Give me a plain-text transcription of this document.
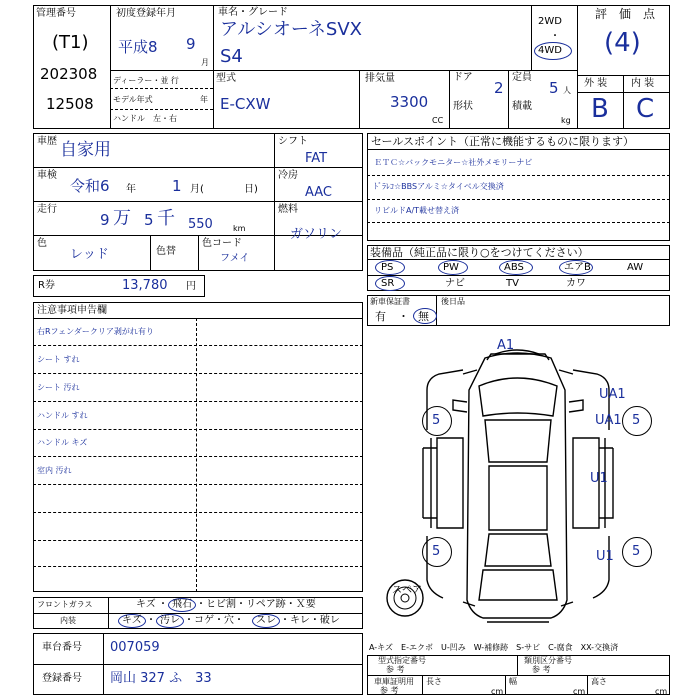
管理番号
(T1)
202308
12508
初度登録年月
平成8 9
月
ディーラー・並 行
モデル年式	年
ハンドル　左・右
車名・グレード
アルシオーネSVX
S4
2WD
・
4WD
型式
E-CXW
排気量
3300
CC
ドア
2
形状
定員
5 人
積載
kg
評　価　点
(4)
外 装 内 装
B C
車歴 自家用
車検
令和6 年 1 月(	日)
走行
9 万 5 千 550	km
色
レッド	色替
色コード
フメイ
シフト
FAT
冷房
AAC
燃料
ガソリン
R券	13,780 円
注意事項申告欄
右Rフェンダークリア剥がれ有り
シート すれ
シート 汚れ
ハンドル すれ
ハンドル キズ
室内 汚れ
セールスポイント（正常に機能するものに限ります）
ＥＴＣ☆バックモニター☆社外メモリーナビ
ﾄﾞﾗﾚｺ☆BBSアルミ☆タイベル交換済
リビルドA/T載せ替え済
装備品（純正品に限り○をつけてください）
PS	PW	ABS	エアB	AW
SR	ナビ	TV	カワ
新車保証書
有 ・ 無
後日品
A1
UA1
UA1
U1
U1
5	5
5	5
スペア
フロントガラス	キズ ・ 飛石 ・ヒビ割・リペア跡・Ｘ要
内装	キズ ・ 汚レ ・コゲ・穴・ スレ ・キレ・破レ
車台番号 007059
登録番号 岡山 327 ふ　33
A-キズ　E-エクボ　U-凹み　W-補修跡　S-サビ　C-腐食　XX-交換済
型式指定番号
参 考
類別区分番号
参 考
車庫証明用
参 考
長さ
cm
幅
cm
高さ
cm
